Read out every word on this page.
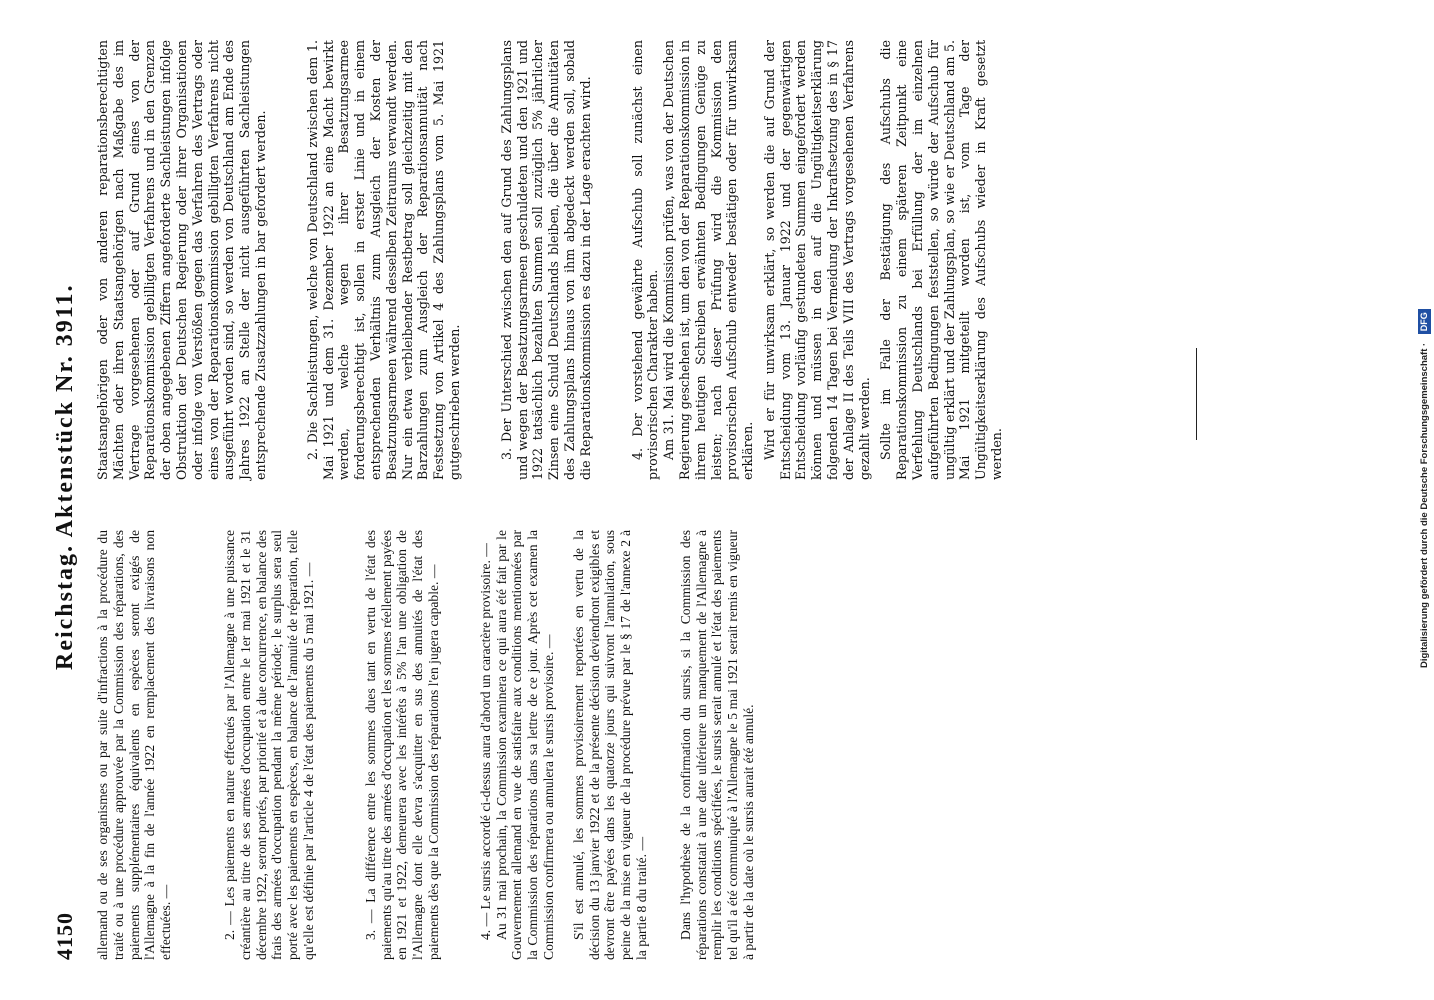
4150
Reichstag. Aktenstück Nr. 3911.

allemand ou de ses organismes ou par suite d'infractions à la procédure du traité ou à une procédure approuvée par la Commission des réparations, des paiements supplémentaires équivalents en espèces seront exigés de l'Allemagne à la fin de l'année 1922 en remplacement des livraisons non effectuées. —	2. — Les paiements en nature effectués par l'Allemagne à une puissance créantière au titre de ses armées d'occupation entre le 1er mai 1921 et le 31 décembre 1922, seront portés, par priorité et à due concurrence, en balance des frais des armées d'occupation pendant la même période; le surplus sera seul porté avec les paiements en espèces, en balance de l'annuité de réparation, telle qu'elle est définie par l'article 4 de l'état des paiements du 5 mai 1921. —	3. — La différence entre les sommes dues tant en vertu de l'état des paiements qu'au titre des armées d'occupation et les sommes réellement payées en 1921 et 1922, demeurera avec les intérêts à 5% l'an une obligation de l'Allemagne dont elle devra s'acquitter en sus des annuités de l'état des paiements dès que la Commission des réparations l'en jugera capable. —	4. — Le sursis accordé ci-dessus aura d'abord un caractère provisoire. — Au 31 mai prochain, la Commission examinera ce qui aura été fait par le Gouvernement allemand en vue de satisfaire aux conditions mentionnées par la Commission des réparations dans sa lettre de ce jour. Après cet examen la Commission confirmera ou annulera le sursis provisoire. — S'il est annulé, les sommes provisoirement reportées en vertu de la décision du 13 janvier 1922 et de la présente décision deviendront exigibles et devront être payées dans les quatorze jours qui suivront l'annulation, sous peine de la mise en vigueur de la procédure prévue par le § 17 de l'annexe 2 à la partie 8 du traité. — Dans l'hypothèse de la confirmation du sursis, si la Commission des réparations constatait à une date ultérieure un manquement de l'Allemagne à remplir les conditions spécifiées, le sursis serait annulé et l'état des paiements tel qu'il a été communiqué à l'Allemagne le 5 mai 1921 serait remis en vigueur à partir de la date où le sursis aurait été annulé.

Staatsangehörigen oder von anderen reparationsberechtigten Mächten oder ihren Staatsangehörigen nach Maßgabe des im Vertrage vorgesehenen oder auf Grund eines von der Reparationskommission gebilligten Verfahrens und in den Grenzen der oben angegebenen Ziffern angeforderte Sachleistungen infolge Obstruktion der Deutschen Regierung oder ihrer Organisationen oder infolge von Verstößen gegen das Verfahren des Vertrags oder eines von der Reparationskommission gebilligten Verfahrens nicht ausgeführt worden sind, so werden von Deutschland am Ende des Jahres 1922 an Stelle der nicht ausgeführten Sachleistungen entsprechende Zusatzzahlungen in bar gefordert werden.	2. Die Sachleistungen, welche von Deutschland zwischen dem 1. Mai 1921 und dem 31. Dezember 1922 an eine Macht bewirkt werden, welche wegen ihrer Besatzungsarmee forderungsberechtigt ist, sollen in erster Linie und in einem entsprechenden Verhältnis zum Ausgleich der Kosten der Besatzungsarmeen während desselben Zeitraums verwandt werden. Nur ein etwa verbleibender Restbetrag soll gleichzeitig mit den Barzahlungen zum Ausgleich der Reparationsannuität nach Festsetzung von Artikel 4 des Zahlungsplans vom 5. Mai 1921 gutgeschrieben werden.	3. Der Unterschied zwischen den auf Grund des Zahlungsplans und wegen der Besatzungsarmeen geschuldeten und den 1921 und 1922 tatsächlich bezahlten Summen soll zuzüglich 5% jährlicher Zinsen eine Schuld Deutschlands bleiben, die über die Annuitäten des Zahlungsplans hinaus von ihm abgedeckt werden soll, sobald die Reparationskommission es dazu in der Lage erachten wird.	4. Der vorstehend gewährte Aufschub soll zunächst einen provisorischen Charakter haben. Am 31. Mai wird die Kommission prüfen, was von der Deutschen Regierung geschehen ist, um den von der Reparationskommission in ihrem heutigen Schreiben erwähnten Bedingungen Genüge zu leisten; nach dieser Prüfung wird die Kommission den provisorischen Aufschub entweder bestätigen oder für unwirksam erklären. Wird er für unwirksam erklärt, so werden die auf Grund der Entscheidung vom 13. Januar 1922 und der gegenwärtigen Entscheidung vorläufig gestundeten Summen eingefordert werden können und müssen in den auf die Ungültigkeitserklärung folgenden 14 Tagen bei Vermeidung der Inkraftsetzung des in § 17 der Anlage II des Teils VIII des Vertrags vorgesehenen Verfahrens gezahlt werden. Sollte im Falle der Bestätigung des Aufschubs die Reparationskommission zu einem späteren Zeitpunkt eine Verfehlung Deutschlands bei Erfüllung der im einzelnen aufgeführten Bedingungen feststellen, so würde der Aufschub für ungültig erklärt und der Zahlungsplan, so wie er Deutschland am 5. Mai 1921 mitgeteilt worden ist, vom Tage der Ungültigkeitserklärung des Aufschubs wieder in Kraft gesetzt werden.	Digitalisierung gefördert durch die Deutsche Forschungsgemeinschaft · DFG
